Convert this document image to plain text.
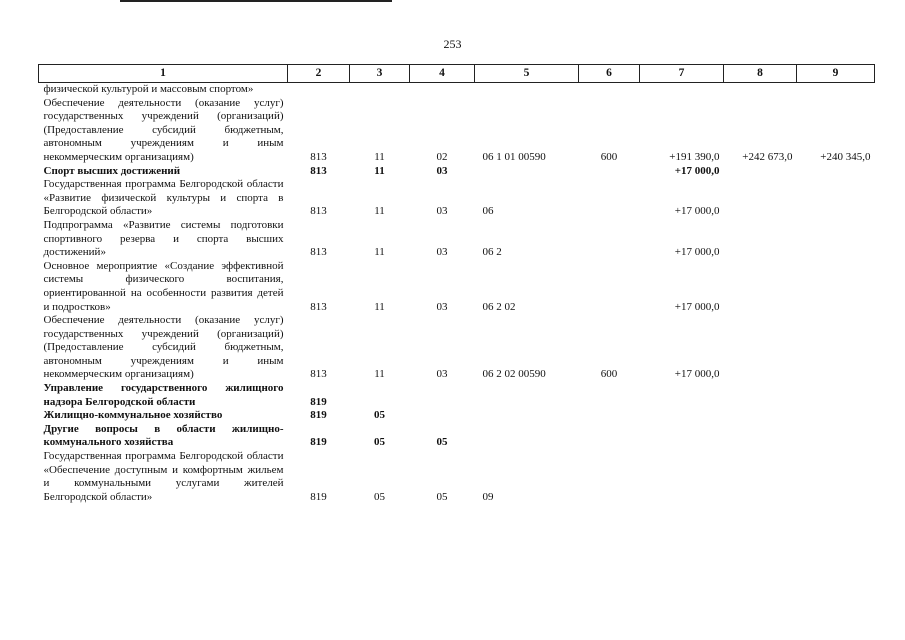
253
1	2	3	4	5	6	7	8	9
физической культурой и массовым спортом»								
Обеспечение деятельности (оказание услуг) государственных учреждений (организаций) (Предоставление субсидий бюджетным, автономным учреждениям и иным некоммерческим организациям)	813	11	02	06 1 01 00590	600	+191 390,0	+242 673,0	+240 345,0
Спорт высших достижений	813	11	03			+17 000,0		
Государственная программа Белгородской области «Развитие физической культуры и спорта в Белгородской области»	813	11	03	06		+17 000,0		
Подпрограмма «Развитие системы подготовки спортивного резерва и спорта высших достижений»	813	11	03	06 2		+17 000,0		
Основное мероприятие «Создание эффективной системы физического воспитания, ориентированной на особенности развития детей и подростков»	813	11	03	06 2 02		+17 000,0		
Обеспечение деятельности (оказание услуг) государственных учреждений (организаций) (Предоставление субсидий бюджетным, автономным учреждениям и иным некоммерческим организациям)	813	11	03	06 2 02 00590	600	+17 000,0		
Управление государственного жилищного надзора Белгородской области	819							
Жилищно-коммунальное хозяйство	819	05						
Другие вопросы в области жилищно-коммунального хозяйства	819	05	05					
Государственная программа Белгородской области «Обеспечение доступным и комфортным жильем и коммунальными услугами жителей Белгородской области»	819	05	05	09				
